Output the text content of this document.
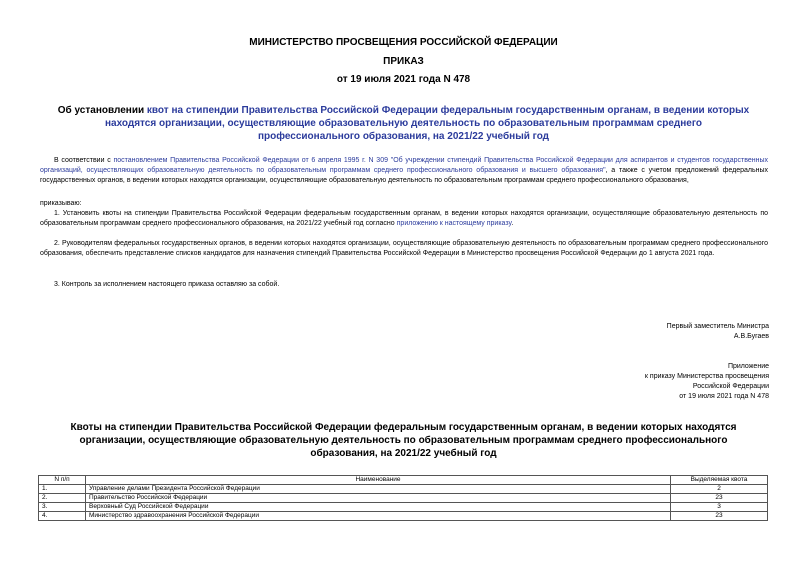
МИНИСТЕРСТВО ПРОСВЕЩЕНИЯ РОССИЙСКОЙ ФЕДЕРАЦИИ
ПРИКАЗ
от 19 июля 2021 года N 478
Об установлении квот на стипендии Правительства Российской Федерации федеральным государственным органам, в ведении которых находятся организации, осуществляющие образовательную деятельность по образовательным программам среднего профессионального образования, на 2021/22 учебный год
В соответствии с постановлением Правительства Российской Федерации от 6 апреля 1995 г. N 309 "Об учреждении стипендий Правительства Российской Федерации для аспирантов и студентов государственных организаций, осуществляющих образовательную деятельность по образовательным программам среднего профессионального образования и высшего образования", а также с учетом предложений федеральных государственных органов, в ведении которых находятся организации, осуществляющие образовательную деятельность по образовательным программам среднего профессионального образования,
приказываю:
1. Установить квоты на стипендии Правительства Российской Федерации федеральным государственным органам, в ведении которых находятся организации, осуществляющие образовательную деятельность по образовательным программам среднего профессионального образования, на 2021/22 учебный год согласно приложению к настоящему приказу.
2. Руководителям федеральных государственных органов, в ведении которых находятся организации, осуществляющие образовательную деятельность по образовательным программам среднего профессионального образования, обеспечить представление списков кандидатов для назначения стипендий Правительства Российской Федерации в Министерство просвещения Российской Федерации до 1 августа 2021 года.
3. Контроль за исполнением настоящего приказа оставляю за собой.
Первый заместитель Министра
А.В.Бугаев
Приложение
к приказу Министерства просвещения
Российской Федерации
от 19 июля 2021 года N 478
Квоты на стипендии Правительства Российской Федерации федеральным государственным органам, в ведении которых находятся организации, осуществляющие образовательную деятельность по образовательным программам среднего профессионального образования, на 2021/22 учебный год
N п/п	Наименование	Выделяемая квота
1.	Управление делами Президента Российской Федерации	2
2.	Правительство Российской Федерации	23
3.	Верховный Суд Российской Федерации	3
4.	Министерство здравоохранения Российской Федерации	23
